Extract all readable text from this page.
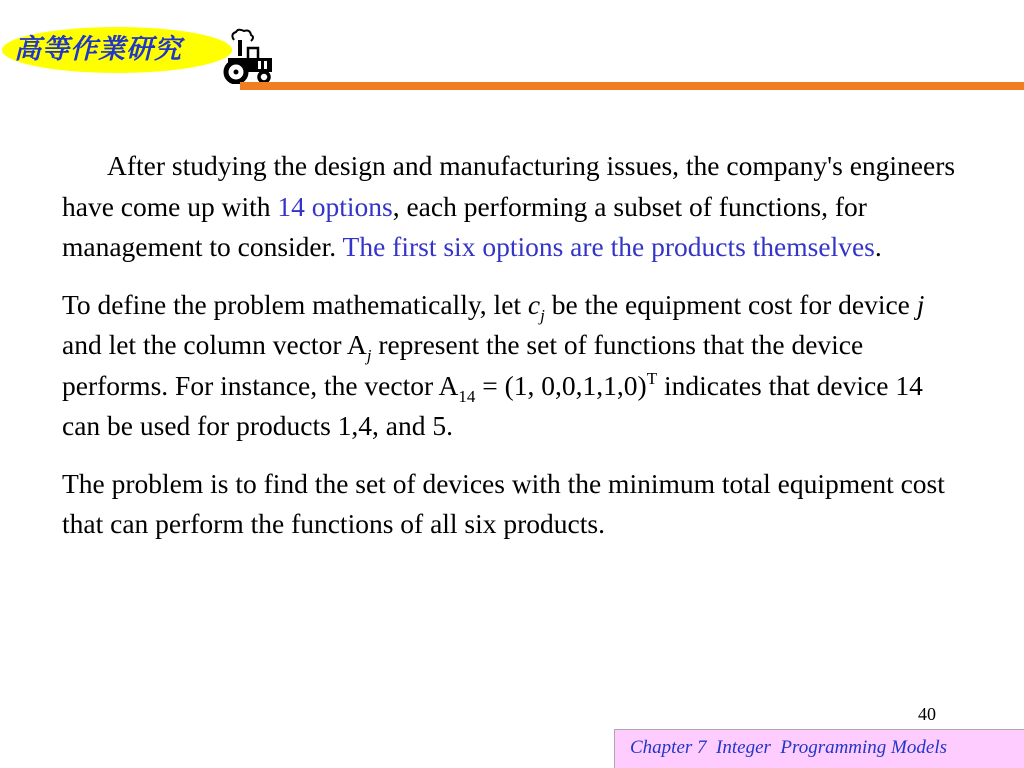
高等作業研究

After studying the design and manufacturing issues, the company's engineers have come up with 14 options, each performing a subset of functions, for management to consider. The first six options are the products themselves.

To define the problem mathematically, let $c_j$ be the equipment cost for device j and let the column vector $A_j$ represent the set of functions that the device performs. For instance, the vector $A_{14} = (1$, 0,0,1,1,0)$^T$ indicates that device 14 can be used for products 1,4, and 5.

The problem is to find the set of devices with the minimum total equipment cost that can perform the functions of all six products.

40
Chapter 7  Integer  Programming Models
